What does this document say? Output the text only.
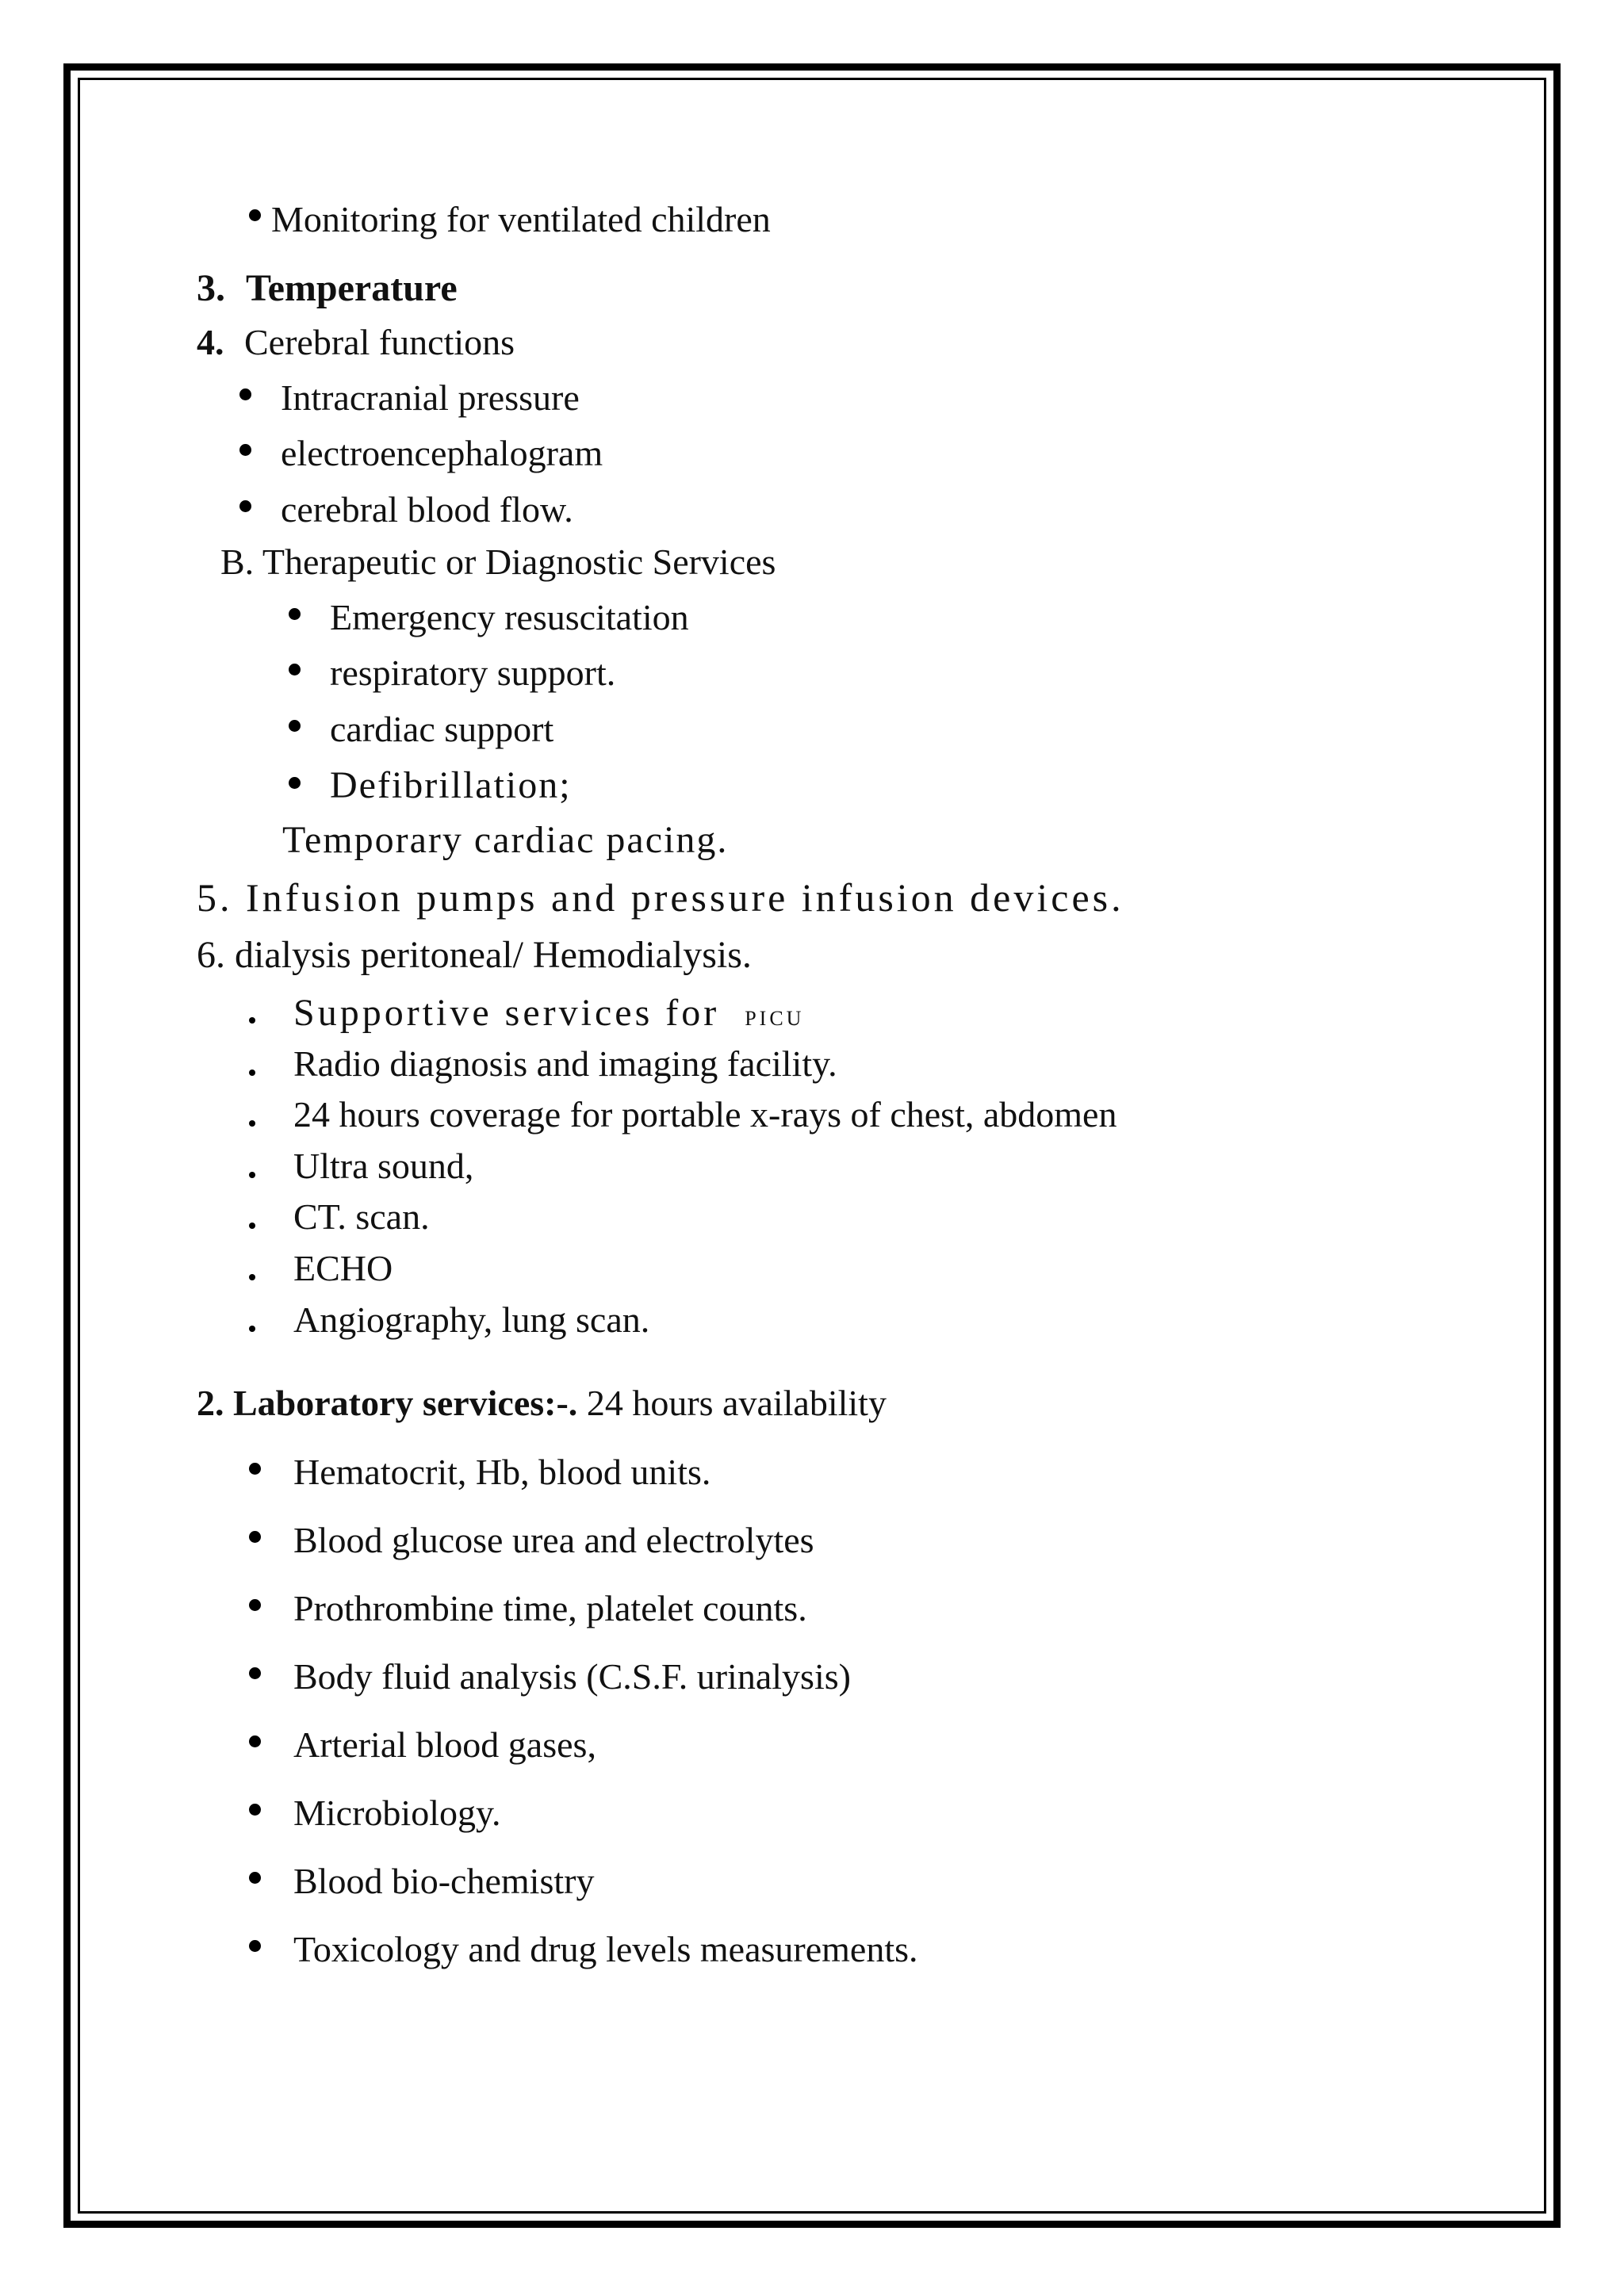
Monitoring for ventilated children
3. Temperature
4. Cerebral functions
Intracranial pressure
electroencephalogram
cerebral blood flow.
B. Therapeutic or Diagnostic Services
Emergency resuscitation
respiratory support.
cardiac support
Defibrillation;
Temporary cardiac pacing.
5. Infusion pumps and pressure infusion devices.
6. dialysis peritoneal/ Hemodialysis.
Supportive services for PICU
Radio diagnosis and imaging facility.
24 hours coverage for portable x-rays of chest, abdomen
Ultra sound,
CT. scan.
ECHO
Angiography, lung scan.
2. Laboratory services:-. 24 hours availability
Hematocrit, Hb, blood units.
Blood glucose urea and electrolytes
Prothrombine time, platelet counts.
Body fluid analysis (C.S.F. urinalysis)
Arterial blood gases,
Microbiology.
Blood bio-chemistry
Toxicology and drug levels measurements.
